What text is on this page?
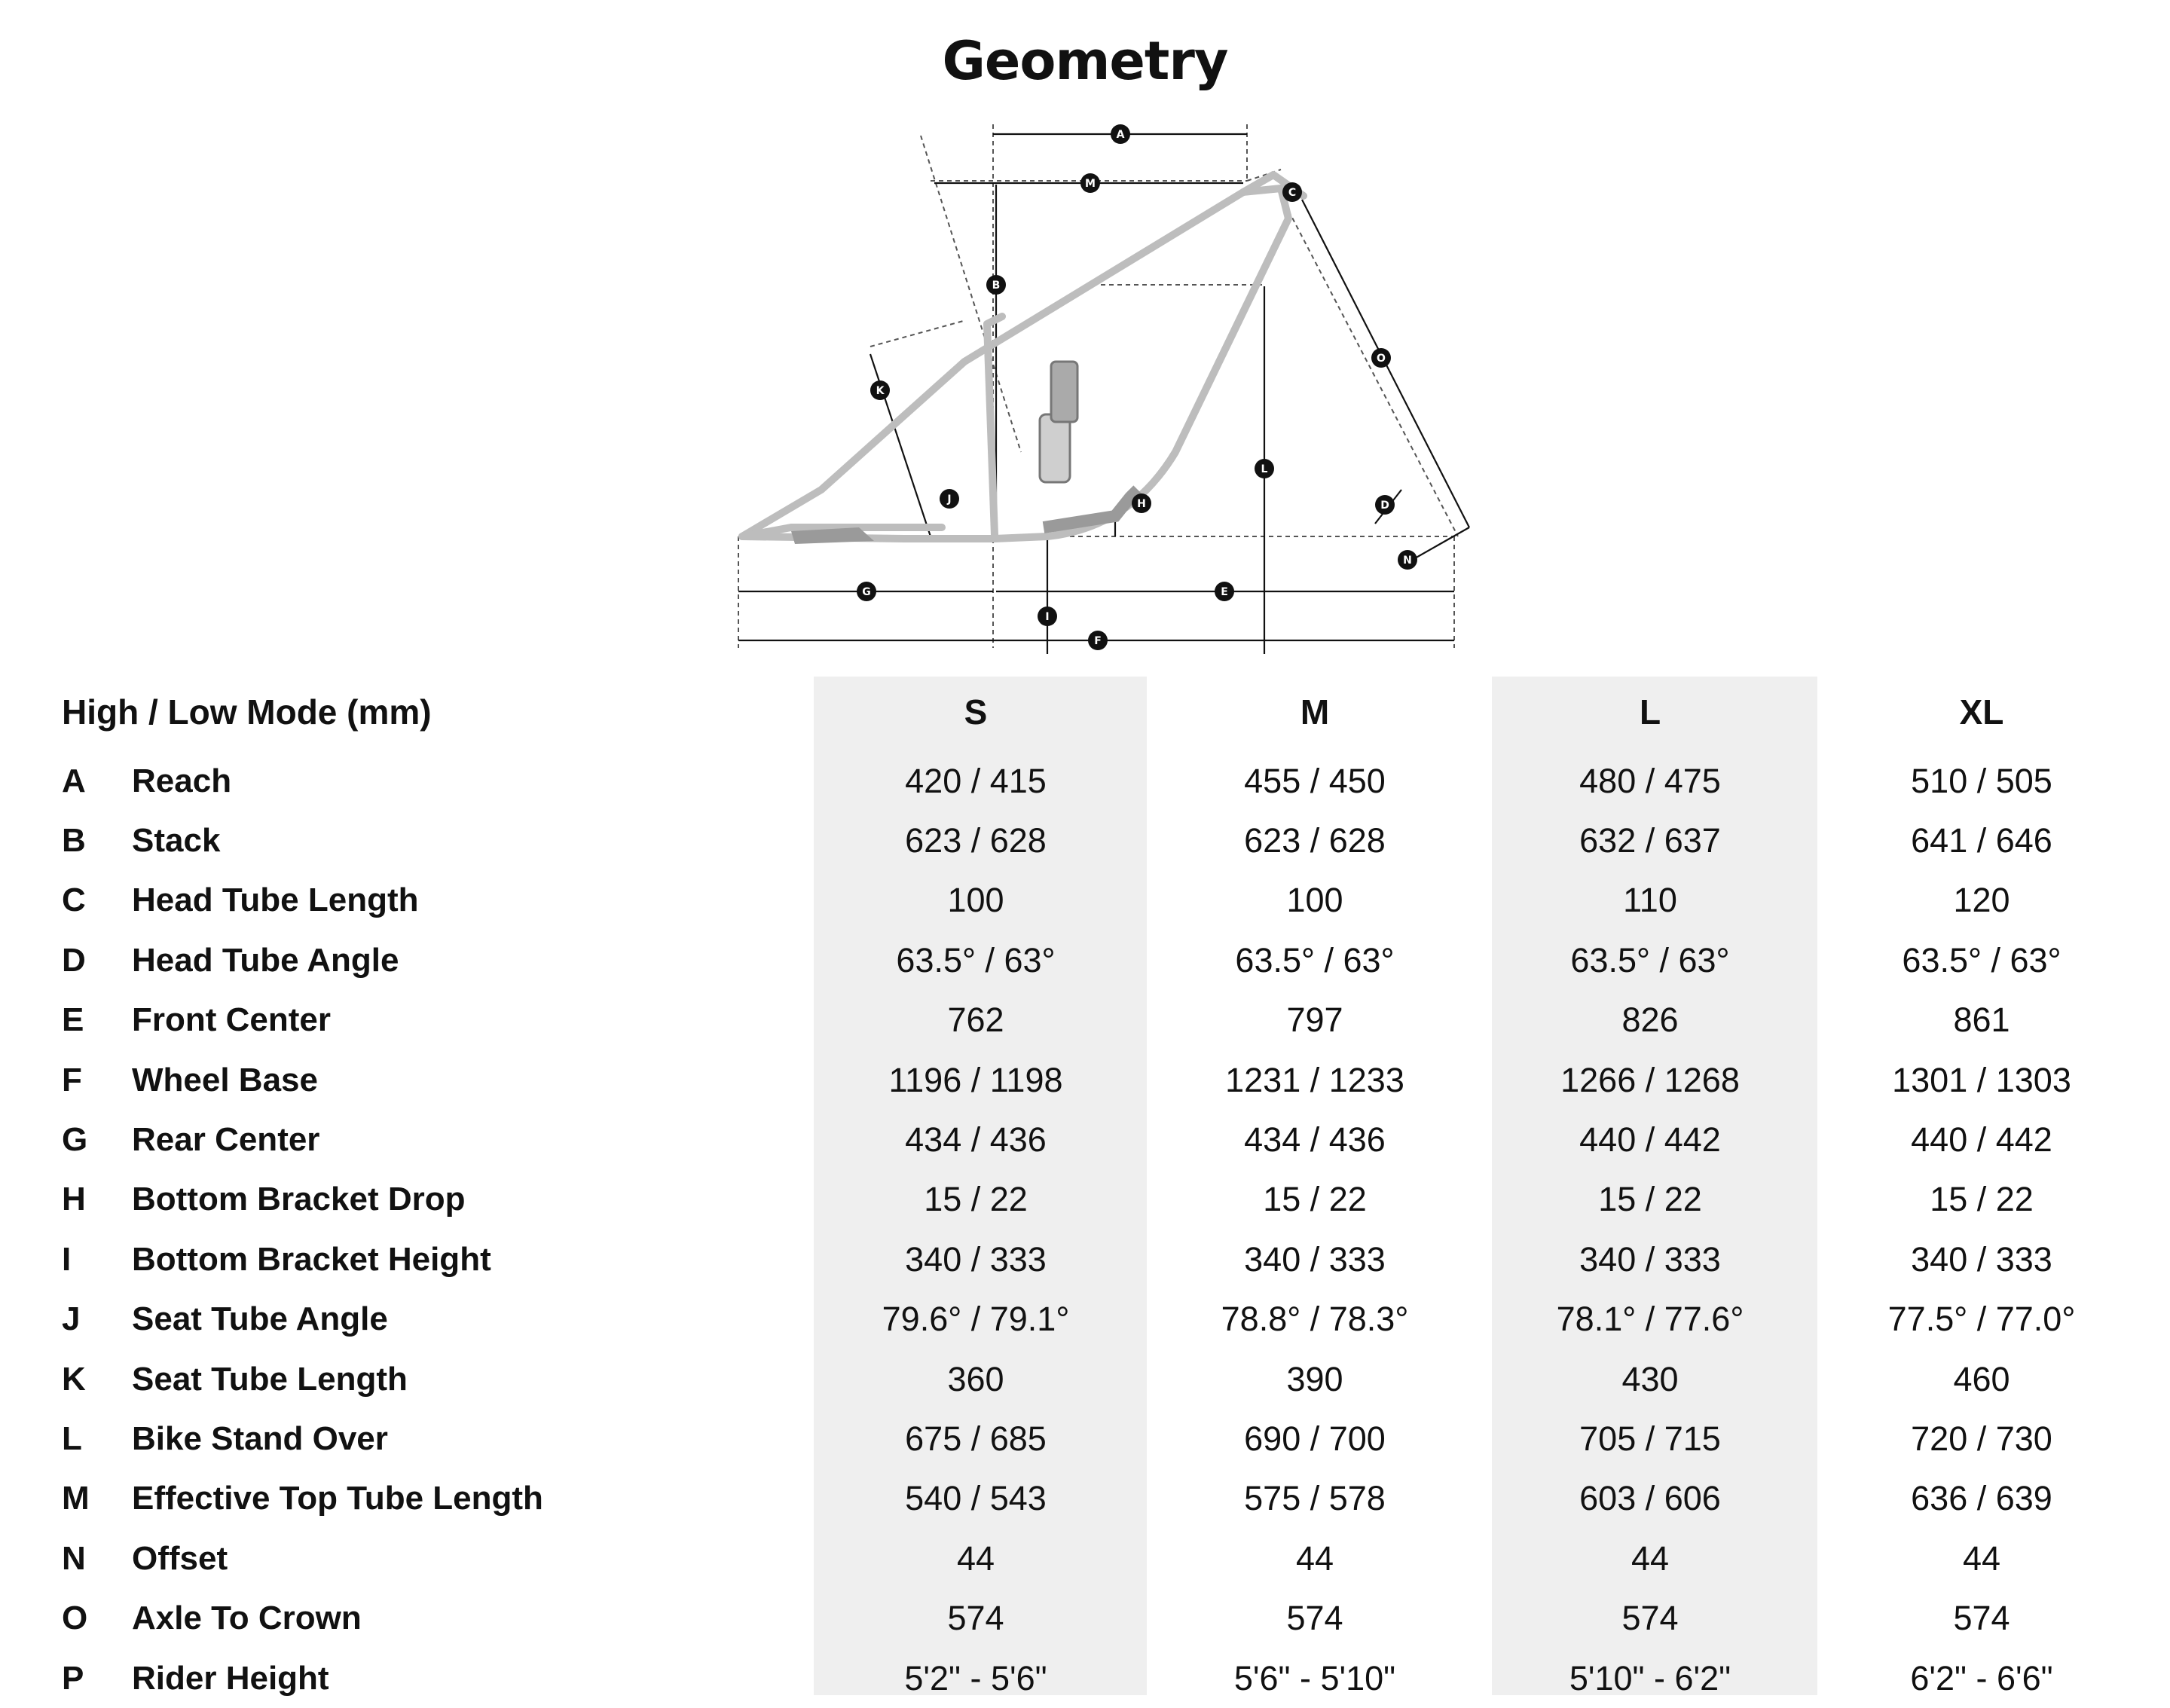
Geometry
A
B
C
D
E
F
G
H
I
J
K
L
M
N
O
High / Low Mode (mm)	S	M	L	XL
A Reach	420 / 415	455 / 450	480 / 475	510 / 505
B Stack	623 / 628	623 / 628	632 / 637	641 / 646
C Head Tube Length	100	100	110	120
D Head Tube Angle	63.5° / 63°	63.5° / 63°	63.5° / 63°	63.5° / 63°
E Front Center	762	797	826	861
F Wheel Base	1196 / 1198	1231 / 1233	1266 / 1268	1301 / 1303
G Rear Center	434 / 436	434 / 436	440 / 442	440 / 442
H Bottom Bracket Drop	15 / 22	15 / 22	15 / 22	15 / 22
I Bottom Bracket Height	340 / 333	340 / 333	340 / 333	340 / 333
J Seat Tube Angle	79.6° / 79.1°	78.8° / 78.3°	78.1° / 77.6°	77.5° / 77.0°
K Seat Tube Length	360	390	430	460
L Bike Stand Over	675 / 685	690 / 700	705 / 715	720 / 730
M Effective Top Tube Length	540 / 543	575 / 578	603 / 606	636 / 639
N Offset	44	44	44	44
O Axle To Crown	574	574	574	574
P Rider Height	5'2" - 5'6"	5'6" - 5'10"	5'10" - 6'2"	6'2" - 6'6"
